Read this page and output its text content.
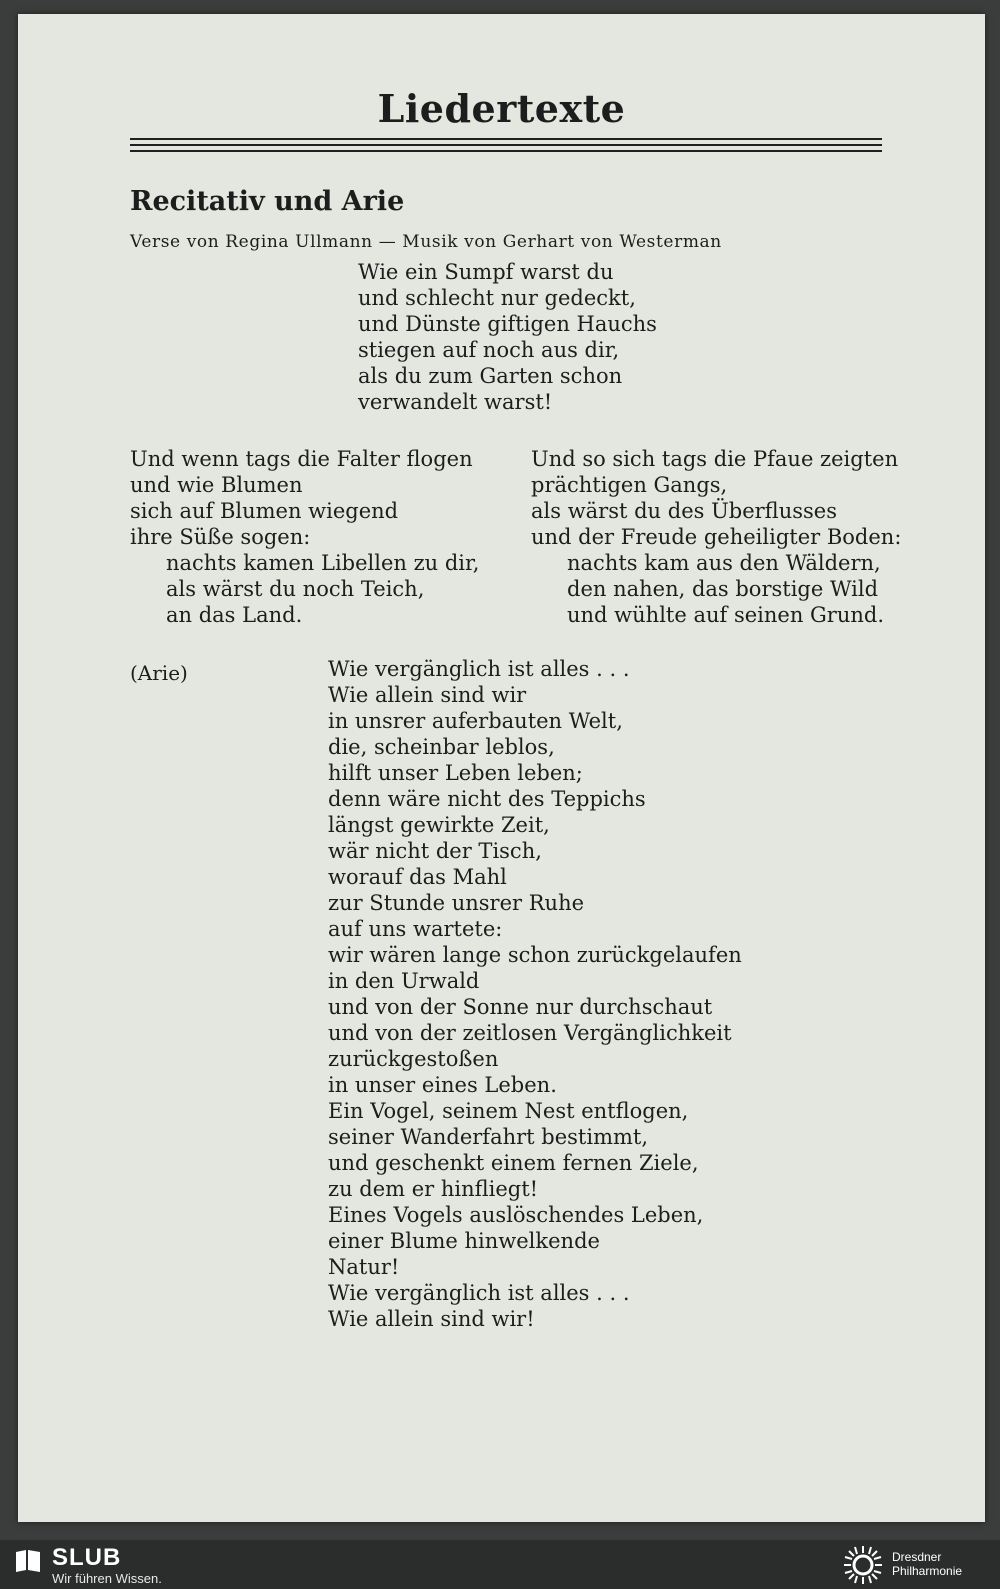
Liedertexte
Recitativ und Arie
Verse von Regina Ullmann — Musik von Gerhart von Westerman
Wie ein Sumpf warst du
und schlecht nur gedeckt,
und Dünste giftigen Hauchs
stiegen auf noch aus dir,
als du zum Garten schon
verwandelt warst!
Und wenn tags die Falter flogen
und wie Blumen
sich auf Blumen wiegend
ihre Süße sogen:
nachts kamen Libellen zu dir,
als wärst du noch Teich,
an das Land.
Und so sich tags die Pfaue zeigten
prächtigen Gangs,
als wärst du des Überflusses
und der Freude geheiligter Boden:
nachts kam aus den Wäldern,
den nahen, das borstige Wild
und wühlte auf seinen Grund.
(Arie)	Wie vergänglich ist alles . . .
Wie allein sind wir
in unsrer auferbauten Welt,
die, scheinbar leblos,
hilft unser Leben leben;
denn wäre nicht des Teppichs
längst gewirkte Zeit,
wär nicht der Tisch,
worauf das Mahl
zur Stunde unsrer Ruhe
auf uns wartete:
wir wären lange schon zurückgelaufen
in den Urwald
und von der Sonne nur durchschaut
und von der zeitlosen Vergänglichkeit
zurückgestoßen
in unser eines Leben.
Ein Vogel, seinem Nest entflogen,
seiner Wanderfahrt bestimmt,
und geschenkt einem fernen Ziele,
zu dem er hinfliegt!
Eines Vogels auslöschendes Leben,
einer Blume hinwelkende
Natur!
Wie vergänglich ist alles . . .
Wie allein sind wir!
SLUB
Wir führen Wissen.
Dresdner
Philharmonie
